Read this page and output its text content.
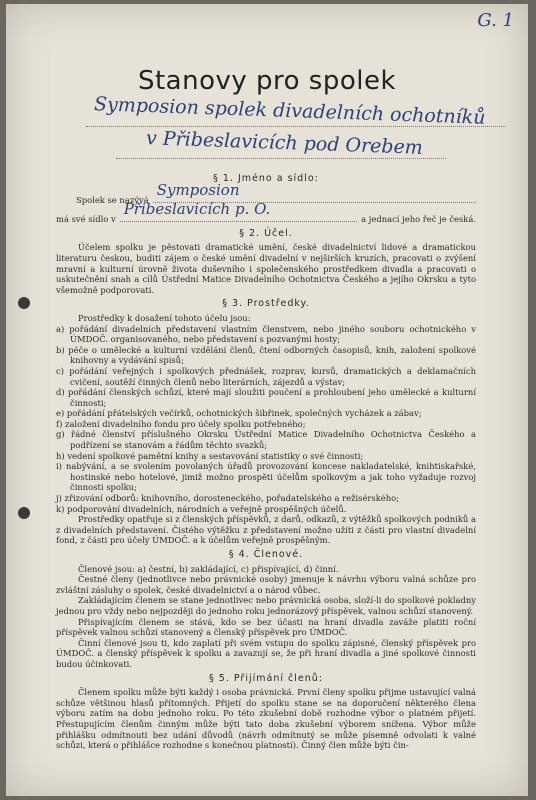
G. 1
Stanovy pro spolek
Symposion spolek divadelních ochotníků
v Přibeslavicích pod Orebem
§ 1. Jméno a sídlo:
Spolek se nazývá
Symposion
má své sídlo v
Přibeslavicích p. O.
a jednací jeho řeč je česká.
§ 2. Účel.

Účelem spolku je pěstovati dramatické umění, české divadelnictví lidové a dramatickou literaturu českou, buditi zájem o české umění divadelní v nejširších kruzích, pracovati o zvýšení mravní a kulturní úrovně života duševního i společenského prostředkem divadla a pracovati o uskutečnění snah a cílů Ústřední Matice Divadelního Ochotnictva Českého a jejího Okrsku a tyto všemožně podporovati.

§ 3. Prostředky.

Prostředky k dosažení tohoto účelu jsou:

a) pořádání divadelních představení vlastním členstvem, nebo jiného souboru ochotnického v ÚMDOČ. organisovaného, nebo představení s pozvanými hosty;
b) péče o umělecké a kulturní vzdělání členů, čtení odborných časopisů, knih, založení spolkové knihovny a vydávání spisů;
c) pořádání veřejných i spolkových přednášek, rozprav, kursů, dramatických a deklamačních cvičení, soutěží činných členů nebo literárních, zájezdů a výstav;
d) pořádání členských schůzí, které mají sloužiti poučení a prohloubení jeho umělecké a kulturní činnosti;
e) pořádání přátelských večírků, ochotnických šibřinek, společných vycházek a zábav;
f) založení divadelního fondu pro účely spolku potřebného;
g) řádné členství příslušného Okrsku Ústřední Matice Divadelního Ochotnictva Českého a podřízení se stanovám a řádům těchto svazků;
h) vedení spolkové pamětní knihy a sestavování statistiky o své činnosti;
i) nabývání, a se svolením povolaných úřadů provozování koncese nakladatelské, knihtiskařské, hostinské nebo hotelové, jimiž možno prospěti účelům spolkovým a jak toho vyžaduje rozvoj činnosti spolku;
j) zřizování odborů: knihovního, dorosteneckého, pořadatelského a režisérského;
k) podporování divadelních, národních a veřejně prospěšných účelů.

Prostředky opatřuje si z členských příspěvků, z darů, odkazů, z výtěžků spolkových podniků a z divadelních představení. Čistého výtěžku z představení možno užíti z části pro vlastní divadelní fond, z části pro účely ÚMDOČ. a k účelům veřejně prospěšným.

§ 4. Členové.

Členové jsou: a) čestní, b) zakládající, c) přispívající, d) činní.

Čestné členy (jednotlivce nebo právnické osoby) jmenuje k návrhu výboru valná schůze pro zvláštní zásluhy o spolek, české divadelnictví a o národ vůbec.

Zakládajícím členem se stane jednotlivec nebo právnická osoba, složí-li do spolkové pokladny jednou pro vždy nebo nejpozději do jednoho roku jednorázový příspěvek, valnou schůzí stanovený.

Přispívajícím členem se stává, kdo se bez účasti na hraní divadla zaváže platiti roční příspěvek valnou schůzí stanovený a členský příspěvek pro ÚMDOČ.

Činní členové jsou ti, kdo zaplatí při svém vstupu do spolku zápisné, členský příspěvek pro ÚMDOČ. a členský příspěvek k spolku a zavazují se, že při hraní divadla a jiné spolkové činnosti budou účinkovati.

§ 5. Přijímání členů:

Členem spolku může býti každý i osoba právnická. První členy spolku přijme ustavující valná schůze většinou hlasů přítomných. Přijetí do spolku stane se na doporučení některého člena výboru zatím na dobu jednoho roku. Po této zkušební době rozhodne výbor o platném přijetí. Přestupujícím členům činným může býti tato doba zkušební výborem snížena. Výbor může přihlášku odmítnouti bez udání důvodů (návrh odmítnutý se může písemně odvolati k valné schůzi, která o přihlášce rozhodne s konečnou platností). Činný člen může býti čin-
